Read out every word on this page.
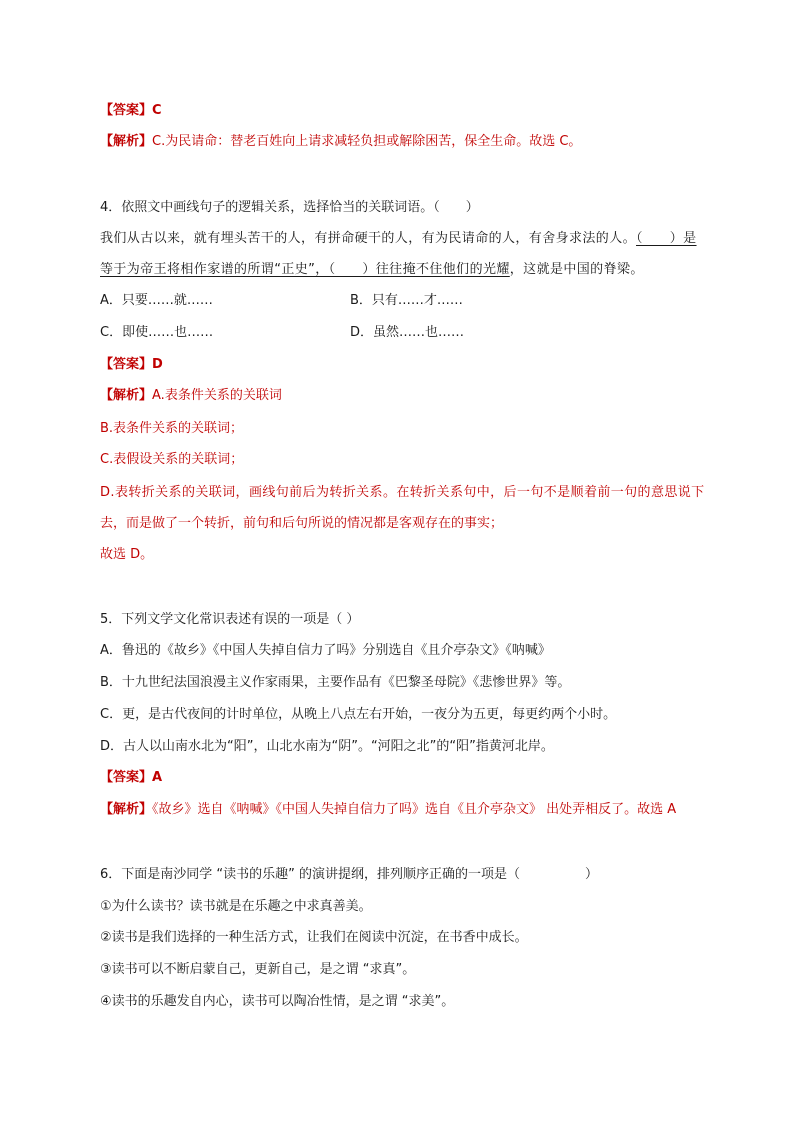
【答案】C
【解析】C.为民请命：替老百姓向上请求减轻负担或解除困苦，保全生命。故选 C。
4．依照文中画线句子的逻辑关系，选择恰当的关联词语。（　　）
我们从古以来，就有埋头苦干的人，有拼命硬干的人，有为民请命的人，有舍身求法的人。（　　）是
等于为帝王将相作家谱的所谓“正史”，（　　）往往掩不住他们的光耀，这就是中国的脊梁。
A．只要……就……	B．只有……才……
C．即使……也……	D．虽然……也……
【答案】D
【解析】A.表条件关系的关联词
B.表条件关系的关联词；
C.表假设关系的关联词；
D.表转折关系的关联词，画线句前后为转折关系。在转折关系句中，后一句不是顺着前一句的意思说下
去，而是做了一个转折，前句和后句所说的情况都是客观存在的事实；
故选 D。
5．下列文学文化常识表述有误的一项是（ ）
A．鲁迅的《故乡》《中国人失掉自信力了吗》分别选自《且介亭杂文》《呐喊》
B．十九世纪法国浪漫主义作家雨果，主要作品有《巴黎圣母院》《悲惨世界》等。
C．更，是古代夜间的计时单位，从晚上八点左右开始，一夜分为五更，每更约两个小时。
D．古人以山南水北为“阳”，山北水南为“阴”。“河阳之北”的“阳”指黄河北岸。
【答案】A
【解析】《故乡》选自《呐喊》《中国人失掉自信力了吗》选自《且介亭杂文》 出处弄相反了。故选 A
6．下面是南沙同学 “读书的乐趣” 的演讲提纲，排列顺序正确的一项是（　　　　　）
①为什么读书？读书就是在乐趣之中求真善美。
②读书是我们选择的一种生活方式，让我们在阅读中沉淀，在书香中成长。
③读书可以不断启蒙自己，更新自己，是之谓 “求真”。
④读书的乐趣发自内心，读书可以陶冶性情，是之谓 “求美”。
